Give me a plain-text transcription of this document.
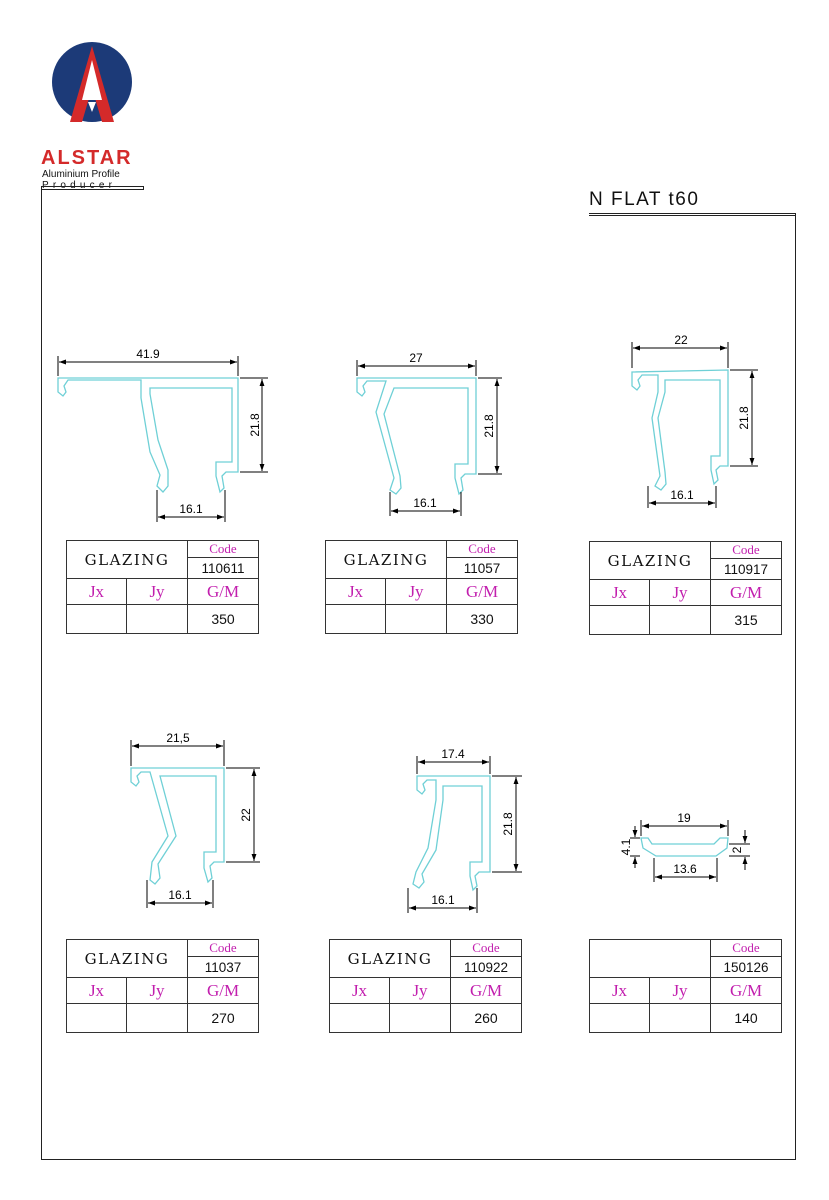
ALSTAR
Aluminium Profile
Producer
N FLAT t60
41.9
21.8
16.1
27
21.8
16.1
22
21.8
16.1
21,5
22
16.1
17.4
21.8
16.1
19
13.6
4.1	2
GLAZING		Code
		110611
Jx	Jy	G/M
		350
GLAZING		Code
		11057
Jx	Jy	G/M
		330
GLAZING		Code
		110917
Jx	Jy	G/M
		315
GLAZING		Code
		11037
Jx	Jy	G/M
		270
GLAZING		Code
		110922
Jx	Jy	G/M
		260
		Code
		150126
Jx	Jy	G/M
		140
